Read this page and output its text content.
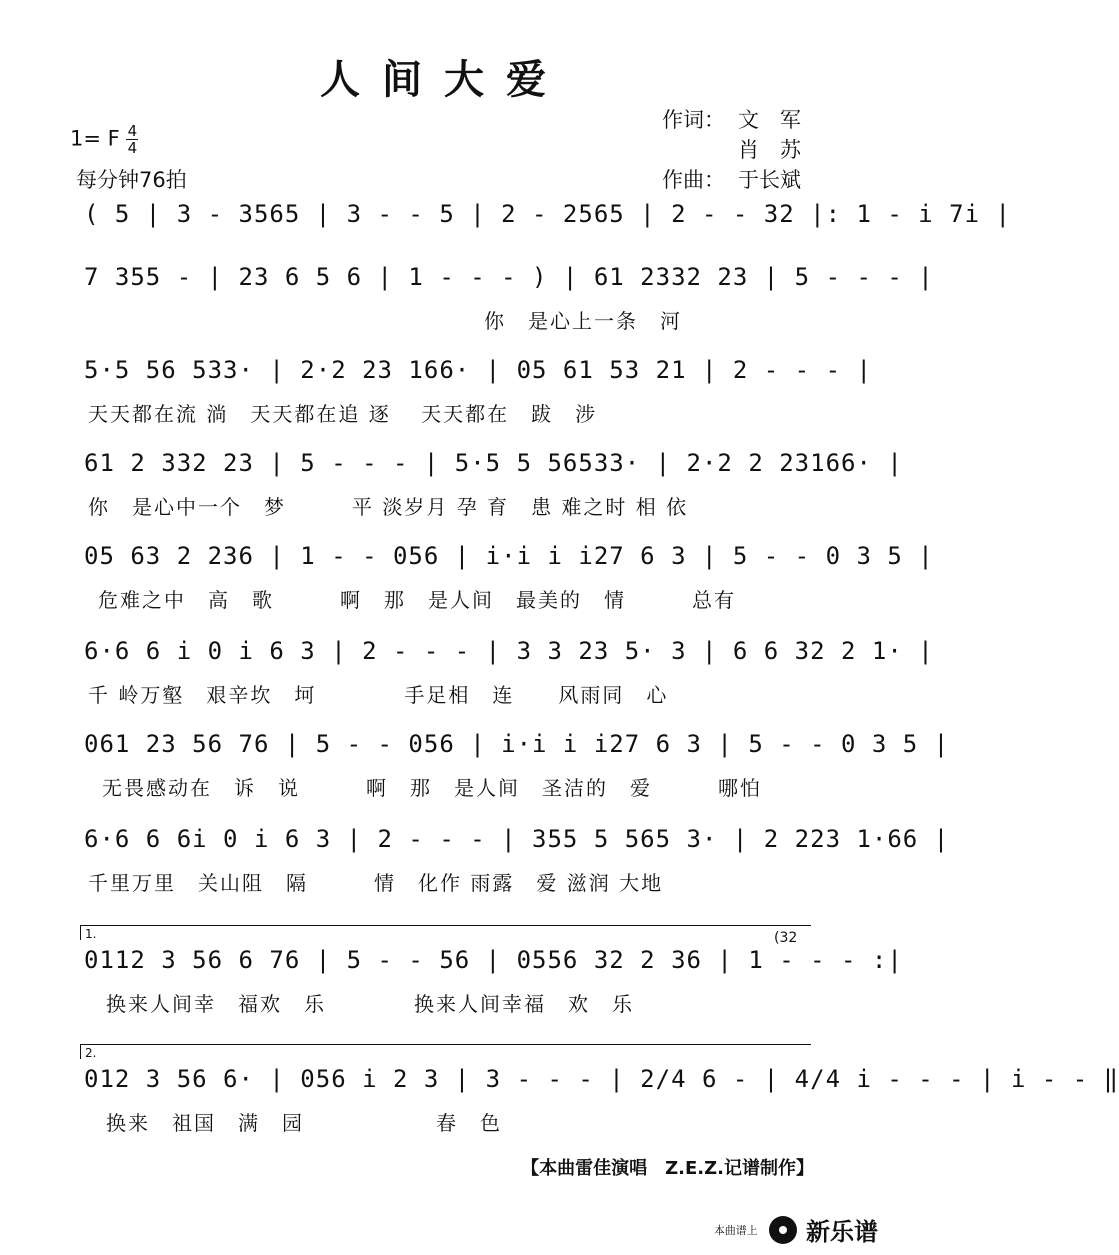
人间大爱
1= F $\frac{4}{4}$
每分钟76拍
作词： 文　军
肖　苏
作曲： 于长斌
( 5 | 3 - 3565 | 3 - - 5 | 2 - 2565 | 2 - - 32 |: 1 - i 7i |
7 355 - | 23 6 5 6 | 1 - - - ) | 61 2332 23 | 5 - - - |
你　是心上一条　河
5·5 56 533· | 2·2 23 166· | 05 61 53 21 | 2 - - - |
天天都在流 淌　天天都在追 逐　 天天都在　跋　涉
61 2 332 23 | 5 - - - | 5·5 5 56533· | 2·2 2 23166· |
你　是心中一个　梦　　　平 淡岁月 孕 育　患 难之时 相 依
05 63 2 236 | 1 - - 056 | i·i i i27 6 3 | 5 - - 0 3 5 |
危难之中　高　歌　　　啊　那　是人间　最美的　情　　　总有
6·6 6 i 0 i 6 3 | 2 - - - | 3 3 23 5· 3 | 6 6 32 2 1· |
千 岭万壑　艰辛坎　坷　　　　手足相　连　　风雨同　心
061 23 56 76 | 5 - - 056 | i·i i i27 6 3 | 5 - - 0 3 5 |
无畏感动在　诉　说　　　啊　那　是人间　圣洁的　爱　　　哪怕
6·6 6 6i 0 i 6 3 | 2 - - - | 355 5 565 3· | 2 223 1·66 |
千里万里　关山阻　隔　　　情　化作 雨露　爱 滋润 大地
1.	(32
0112 3 56 6 76 | 5 - - 56 | 0556 32 2 36 | 1 - - - :|
换来人间幸　福欢　乐　　　　换来人间幸福　欢　乐
2.
012 3 56 6· | 056 i 2 3 | 3 - - - | 2/4 6 - | 4/4 i - - - | i - - ‖
换来　祖国　满　园　　　　　　春　色
【本曲雷佳演唱　Z.E.Z.记谱制作】
本曲谱上 新乐谱
